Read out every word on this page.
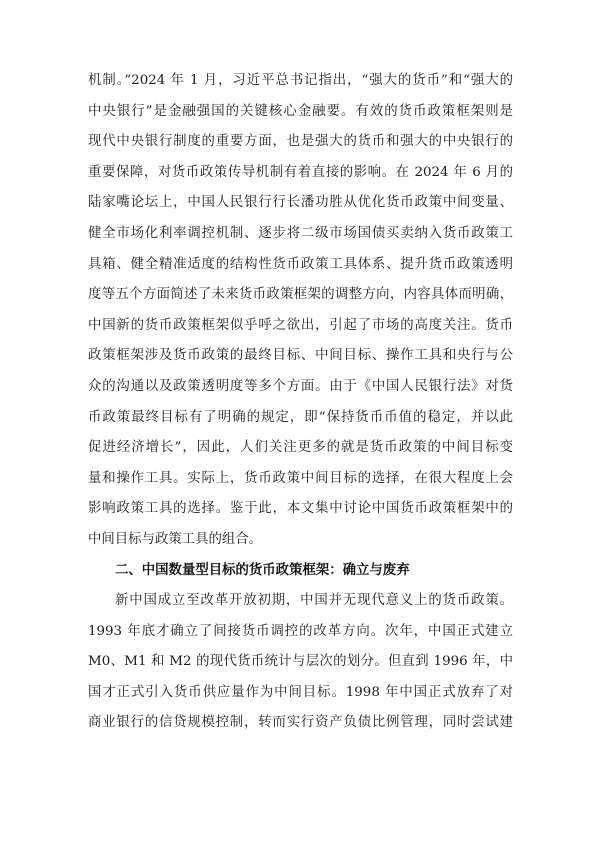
机制。”2024 年 1 月，习近平总书记指出，“强大的货币”和“强大的
中央银行”是金融强国的关键核心金融要。有效的货币政策框架则是
现代中央银行制度的重要方面，也是强大的货币和强大的中央银行的
重要保障，对货币政策传导机制有着直接的影响。在 2024 年 6 月的
陆家嘴论坛上，中国人民银行行长潘功胜从优化货币政策中间变量、
健全市场化利率调控机制、逐步将二级市场国债买卖纳入货币政策工
具箱、健全精准适度的结构性货币政策工具体系、提升货币政策透明
度等五个方面简述了未来货币政策框架的调整方向，内容具体而明确，
中国新的货币政策框架似乎呼之欲出，引起了市场的高度关注。货币
政策框架涉及货币政策的最终目标、中间目标、操作工具和央行与公
众的沟通以及政策透明度等多个方面。由于《中国人民银行法》对货
币政策最终目标有了明确的规定，即“保持货币币值的稳定，并以此
促进经济增长”，因此，人们关注更多的就是货币政策的中间目标变
量和操作工具。实际上，货币政策中间目标的选择，在很大程度上会
影响政策工具的选择。鉴于此，本文集中讨论中国货币政策框架中的
中间目标与政策工具的组合。
二、中国数量型目标的货币政策框架：确立与废弃
新中国成立至改革开放初期，中国并无现代意义上的货币政策。
1993 年底才确立了间接货币调控的改革方向。次年，中国正式建立
M0、M1 和 M2 的现代货币统计与层次的划分。但直到 1996 年，中
国才正式引入货币供应量作为中间目标。1998 年中国正式放弃了对
商业银行的信贷规模控制，转而实行资产负债比例管理，同时尝试建
